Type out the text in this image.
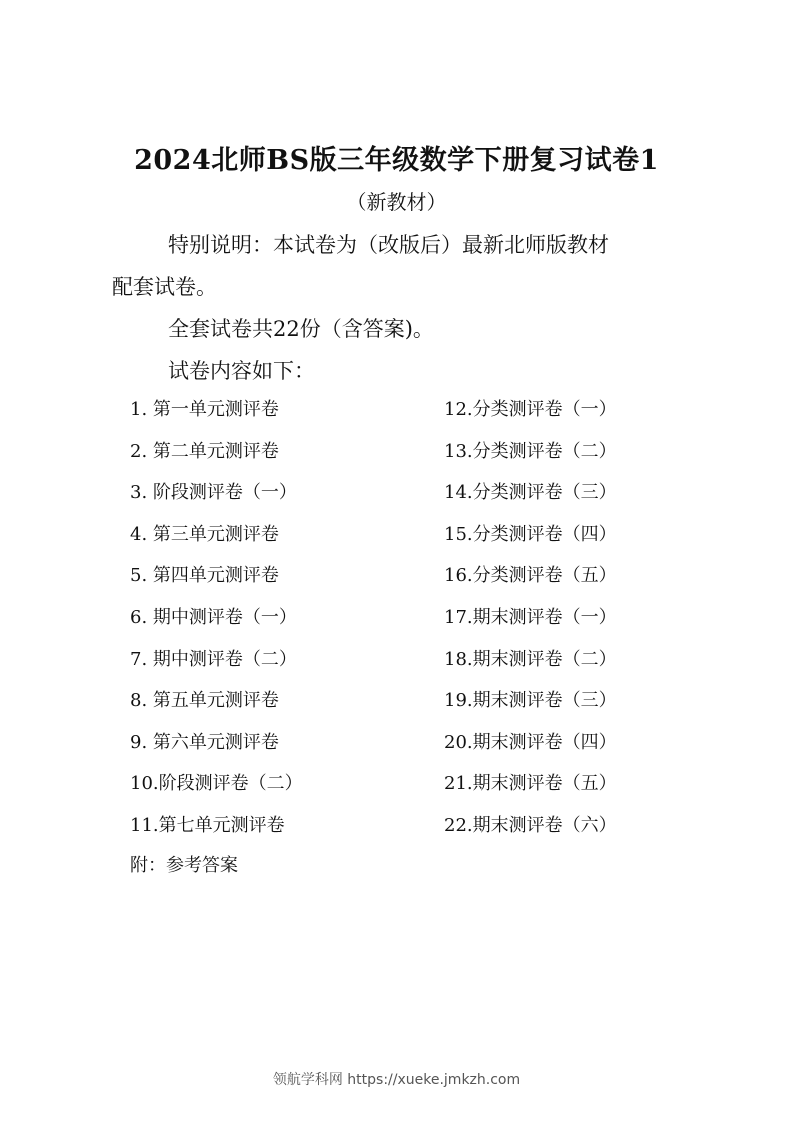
2024北师BS版三年级数学下册复习试卷1
（新教材）
特别说明：本试卷为（改版后）最新北师版教材
配套试卷。
全套试卷共22份（含答案)。
试卷内容如下：
1. 第一单元测评卷	12.分类测评卷（一）
2. 第二单元测评卷	13.分类测评卷（二）
3. 阶段测评卷（一）	14.分类测评卷（三）
4. 第三单元测评卷	15.分类测评卷（四）
5. 第四单元测评卷	16.分类测评卷（五）
6. 期中测评卷（一）	17.期末测评卷（一）
7. 期中测评卷（二）	18.期末测评卷（二）
8. 第五单元测评卷	19.期末测评卷（三）
9. 第六单元测评卷	20.期末测评卷（四）
10.阶段测评卷（二）	21.期末测评卷（五）
11.第七单元测评卷	22.期末测评卷（六）
附：参考答案
领航学科网 https://xueke.jmkzh.com
